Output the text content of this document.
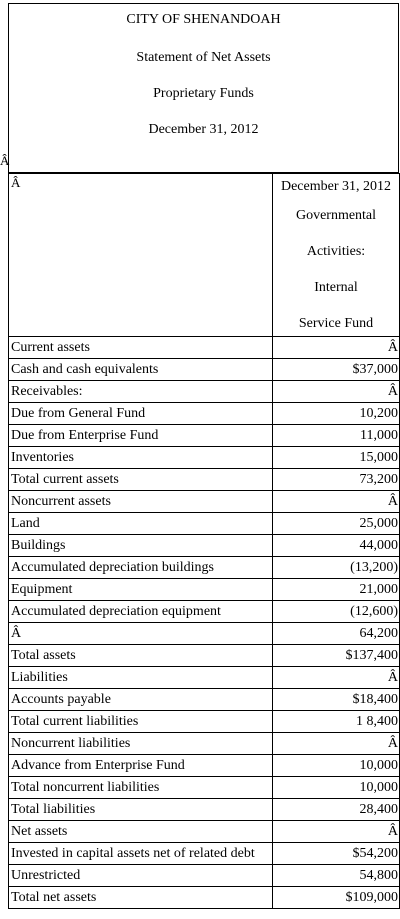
CITY OF SHENANDOAH
Statement of Net Assets
Proprietary Funds
December 31, 2012
Â
Â	December 31, 2012
Governmental
Activities:
Internal
Service Fund

Current assets	Â
Cash and cash equivalents	$37,000
Receivables:	Â
Due from General Fund	10,200
Due from Enterprise Fund	11,000
Inventories	15,000
Total current assets	73,200
Noncurrent assets	Â
Land	25,000
Buildings	44,000
Accumulated depreciation buildings	(13,200)
Equipment	21,000
Accumulated depreciation equipment	(12,600)
Â	64,200
Total assets	$137,400
Liabilities	Â
Accounts payable	$18,400
Total current liabilities	1 8,400
Noncurrent liabilities	Â
Advance from Enterprise Fund	10,000
Total noncurrent liabilities	10,000
Total liabilities	28,400
Net assets	Â
Invested in capital assets net of related debt	$54,200
Unrestricted	54,800
Total net assets	$109,000
